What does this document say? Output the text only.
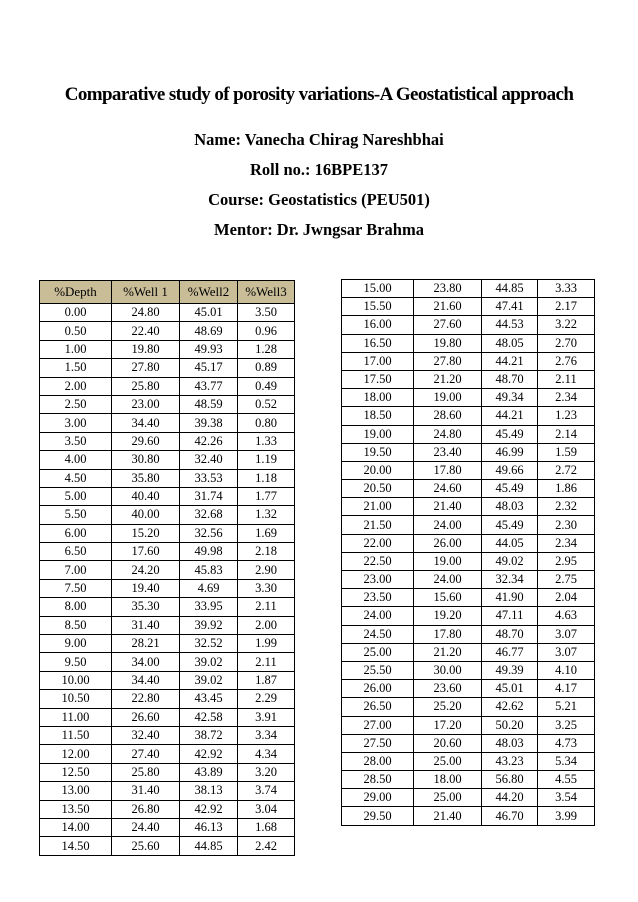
Comparative study of porosity variations-A Geostatistical approach
Name: Vanecha Chirag Nareshbhai
Roll no.: 16BPE137
Course: Geostatistics (PEU501)
Mentor: Dr. Jwngsar Brahma
%Depth	%Well 1	%Well2	%Well3
0.00	24.80	45.01	3.50
0.50	22.40	48.69	0.96
1.00	19.80	49.93	1.28
1.50	27.80	45.17	0.89
2.00	25.80	43.77	0.49
2.50	23.00	48.59	0.52
3.00	34.40	39.38	0.80
3.50	29.60	42.26	1.33
4.00	30.80	32.40	1.19
4.50	35.80	33.53	1.18
5.00	40.40	31.74	1.77
5.50	40.00	32.68	1.32
6.00	15.20	32.56	1.69
6.50	17.60	49.98	2.18
7.00	24.20	45.83	2.90
7.50	19.40	4.69	3.30
8.00	35.30	33.95	2.11
8.50	31.40	39.92	2.00
9.00	28.21	32.52	1.99
9.50	34.00	39.02	2.11
10.00	34.40	39.02	1.87
10.50	22.80	43.45	2.29
11.00	26.60	42.58	3.91
11.50	32.40	38.72	3.34
12.00	27.40	42.92	4.34
12.50	25.80	43.89	3.20
13.00	31.40	38.13	3.74
13.50	26.80	42.92	3.04
14.00	24.40	46.13	1.68
14.50	25.60	44.85	2.42
15.00	23.80	44.85	3.33
15.50	21.60	47.41	2.17
16.00	27.60	44.53	3.22
16.50	19.80	48.05	2.70
17.00	27.80	44.21	2.76
17.50	21.20	48.70	2.11
18.00	19.00	49.34	2.34
18.50	28.60	44.21	1.23
19.00	24.80	45.49	2.14
19.50	23.40	46.99	1.59
20.00	17.80	49.66	2.72
20.50	24.60	45.49	1.86
21.00	21.40	48.03	2.32
21.50	24.00	45.49	2.30
22.00	26.00	44.05	2.34
22.50	19.00	49.02	2.95
23.00	24.00	32.34	2.75
23.50	15.60	41.90	2.04
24.00	19.20	47.11	4.63
24.50	17.80	48.70	3.07
25.00	21.20	46.77	3.07
25.50	30.00	49.39	4.10
26.00	23.60	45.01	4.17
26.50	25.20	42.62	5.21
27.00	17.20	50.20	3.25
27.50	20.60	48.03	4.73
28.00	25.00	43.23	5.34
28.50	18.00	56.80	4.55
29.00	25.00	44.20	3.54
29.50	21.40	46.70	3.99
